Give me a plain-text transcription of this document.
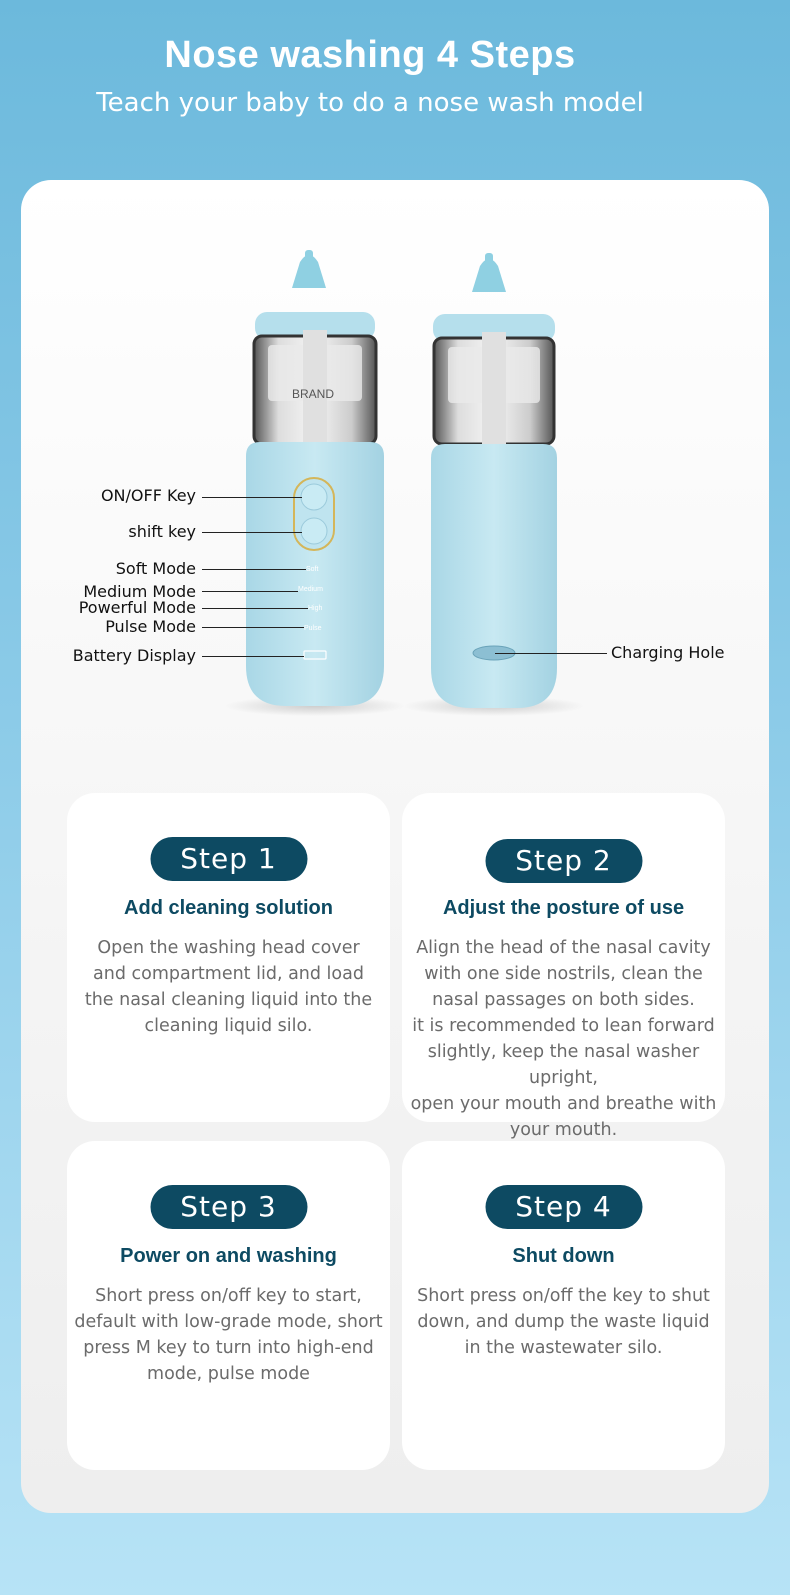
Nose washing 4 Steps
Teach your baby to do a nose wash model
BRAND
Soft
Medium
High
Pulse
ON/OFF Key
shift key
Soft Mode
Medium Mode
Powerful Mode
Pulse Mode
Battery Display	Charging Hole
Step 1
Add cleaning solution
Open the washing head cover
and compartment lid, and load
the nasal cleaning liquid into the
cleaning liquid silo.
Step 2
Adjust the posture of use
Align the head of the nasal cavity
with one side nostrils, clean the
nasal passages on both sides.
it is recommended to lean forward
slightly, keep the nasal washer upright,
open your mouth and breathe with
your mouth.
Step 3
Power on and washing
Short press on/off key to start,
default with low-grade mode, short
press M key to turn into high-end
mode, pulse mode
Step 4
Shut down
Short press on/off the key to shut
down, and dump the waste liquid
in the wastewater silo.
